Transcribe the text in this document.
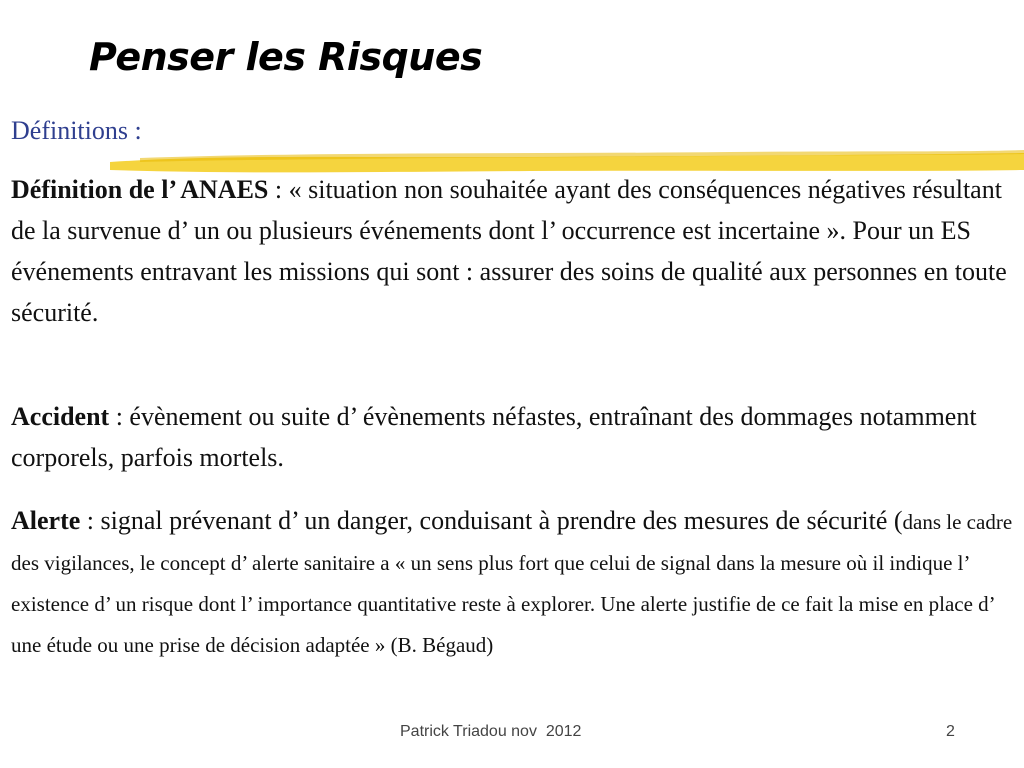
Penser les Risques
Définitions :
Définition de l’ ANAES : « situation non souhaitée ayant des conséquences négatives résultant de la survenue d’ un ou plusieurs événements dont l’ occurrence est incertaine ». Pour un ES événements entravant les missions qui sont : assurer des soins de qualité aux personnes en toute sécurité.
Accident : évènement ou suite d’ évènements néfastes, entraînant des dommages notamment corporels, parfois mortels.
Alerte : signal prévenant d’ un danger, conduisant à prendre des mesures de sécurité (dans le cadre des vigilances, le concept d’ alerte sanitaire a « un sens plus fort que celui de signal dans la mesure où il indique l’ existence d’ un risque dont l’ importance quantitative reste à explorer. Une alerte justifie de ce fait la mise en place d’ une étude ou une prise de décision adaptée » (B. Bégaud)
Patrick Triadou nov  2012	2
